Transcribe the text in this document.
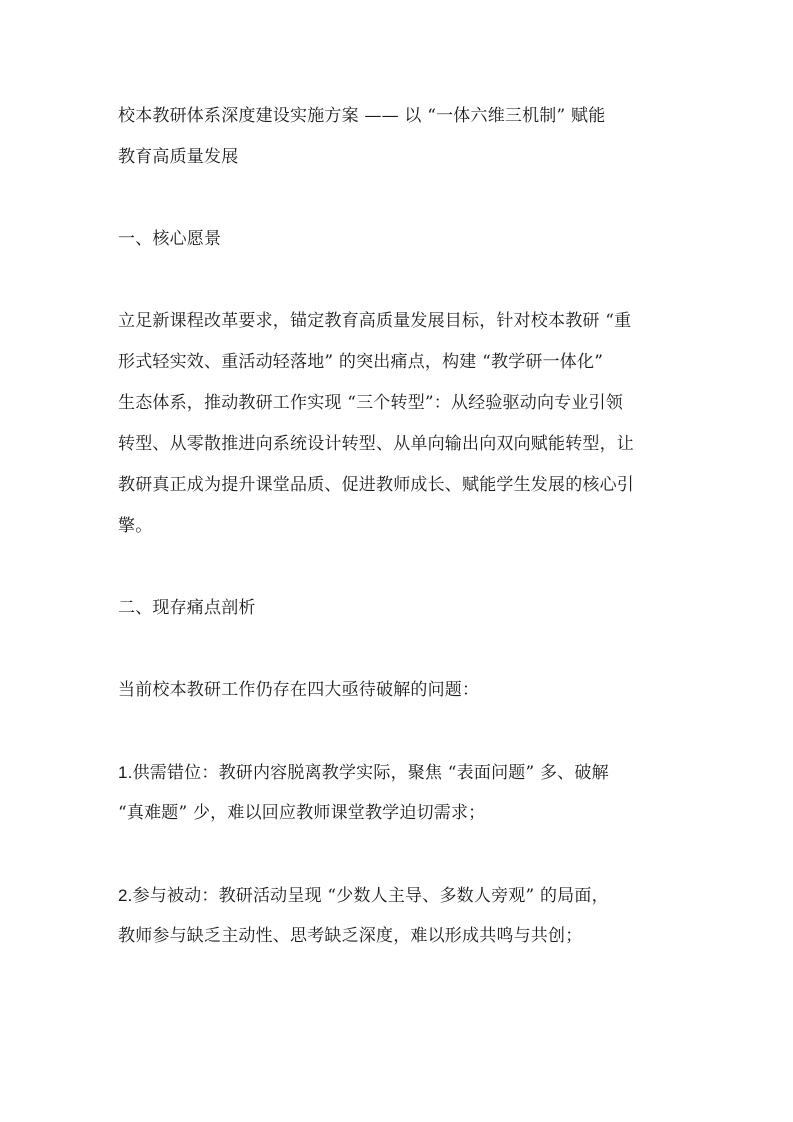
校本教研体系深度建设实施方案 —— 以 “一体六维三机制” 赋能
教育高质量发展
一、核心愿景
立足新课程改革要求，锚定教育高质量发展目标，针对校本教研 “重
形式轻实效、重活动轻落地” 的突出痛点，构建 “教学研一体化”
生态体系，推动教研工作实现 “三个转型”：从经验驱动向专业引领
转型、从零散推进向系统设计转型、从单向输出向双向赋能转型，让
教研真正成为提升课堂品质、促进教师成长、赋能学生发展的核心引
擎。
二、现存痛点剖析
当前校本教研工作仍存在四大亟待破解的问题：
1.供需错位：教研内容脱离教学实际，聚焦 “表面问题” 多、破解
“真难题” 少，难以回应教师课堂教学迫切需求；
2.参与被动：教研活动呈现 “少数人主导、多数人旁观” 的局面，
教师参与缺乏主动性、思考缺乏深度，难以形成共鸣与共创；
